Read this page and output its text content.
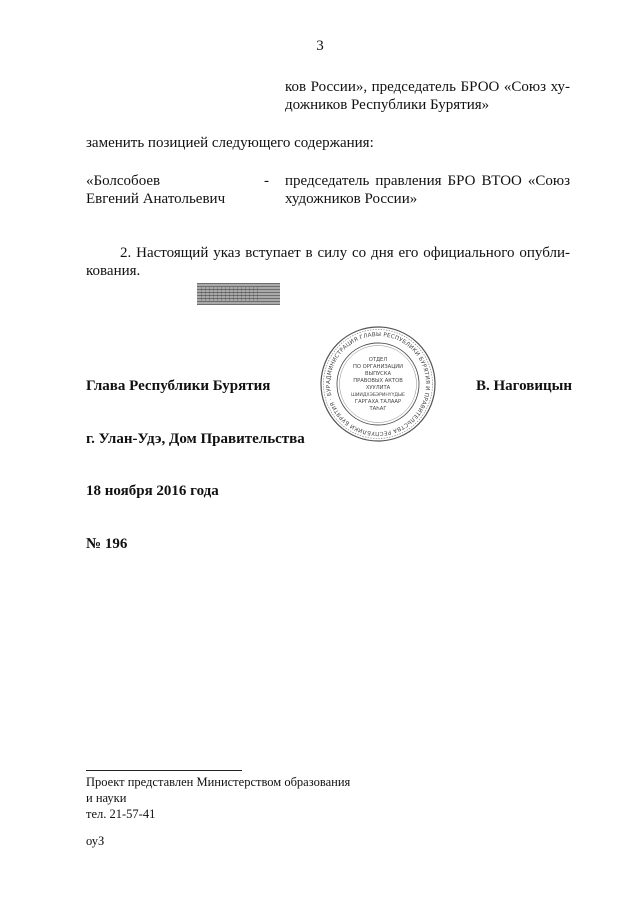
3
ков России», председатель БРОО «Союз ху-
дожников Республики Бурятия»
заменить позицией следующего содержания:
«Болсобоев
Евгений Анатольевич
- председатель правления БРО ВТОО «Союз
художников России»
2. Настоящий указ вступает в силу со дня его официального опубли-
кования.
АДМИНИСТРАЦИЯ ГЛАВЫ РЕСПУБЛИКИ БУРЯТИЯ И ПРАВИТЕЛЬСТВА РЕСПУБЛИКИ БУРЯТИЯ · БУР
ОТДЕЛ
ПО ОРГАНИЗАЦИИ
ВЫПУСКА
ПРАВОВЫХ АКТОВ
ХУУЛИТА
ШИИДХЭБЭРИНҮҮДЫЕ
ГАРГАХА ТАЛААР
ТАҺАГ
Глава Республики Бурятия	В. Наговицын
г. Улан-Удэ, Дом Правительства
18 ноября 2016 года
№ 196
Проект представлен Министерством образования
и науки
тел. 21-57-41
оуЗ
